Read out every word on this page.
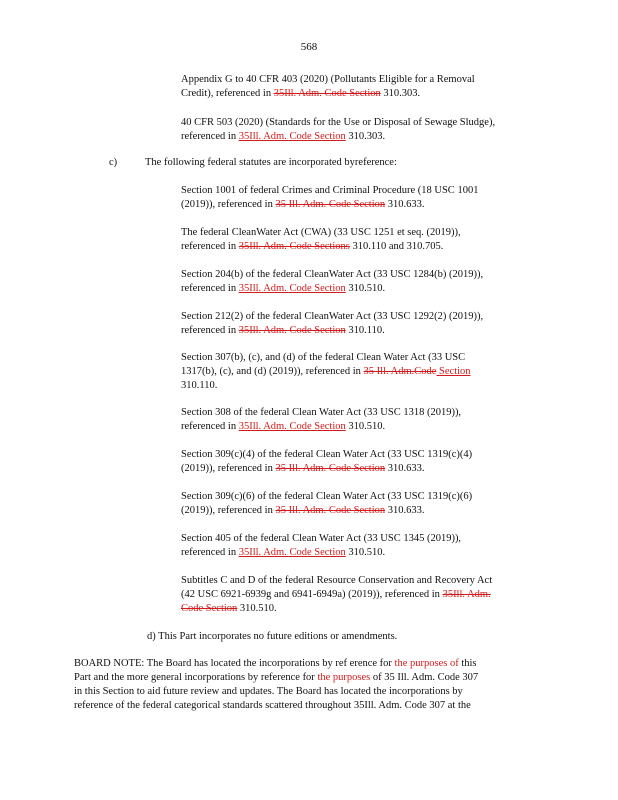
568
Appendix G to 40 CFR 403 (2020) (Pollutants Eligible for a Removal
Credit), referenced in 35Ill. Adm. Code Section 310.303.
40 CFR 503 (2020) (Standards for the Use or Disposal of Sewage Sludge),
referenced in 35Ill. Adm. Code Section 310.303.
c)	The following federal statutes are incorporated byreference:
Section 1001 of federal Crimes and Criminal Procedure (18 USC 1001
(2019)), referenced in 35 Ill. Adm. Code Section 310.633.
The federal CleanWater Act (CWA) (33 USC 1251 et seq. (2019)),
referenced in 35Ill. Adm. Code Sections 310.110 and 310.705.
Section 204(b) of the federal CleanWater Act (33 USC 1284(b) (2019)),
referenced in 35Ill. Adm. Code Section 310.510.
Section 212(2) of the federal CleanWater Act (33 USC 1292(2) (2019)),
referenced in 35Ill. Adm. Code Section 310.110.
Section 307(b), (c), and (d) of the federal Clean Water Act (33 USC
1317(b), (c), and (d) (2019)), referenced in 35 Ill. Adm.Code Section
310.110.
Section 308 of the federal Clean Water Act (33 USC 1318 (2019)),
referenced in 35Ill. Adm. Code Section 310.510.
Section 309(c)(4) of the federal Clean Water Act (33 USC 1319(c)(4)
(2019)), referenced in 35 Ill. Adm. Code Section 310.633.
Section 309(c)(6) of the federal Clean Water Act (33 USC 1319(c)(6)
(2019)), referenced in 35 Ill. Adm. Code Section 310.633.
Section 405 of the federal Clean Water Act (33 USC 1345 (2019)),
referenced in 35Ill. Adm. Code Section 310.510.
Subtitles C and D of the federal Resource Conservation and Recovery Act
(42 USC 6921-6939g and 6941-6949a) (2019)), referenced in 35Ill. Adm.
Code Section 310.510.
d) This Part incorporates no future editions or amendments.
BOARD NOTE: The Board has located the incorporations by ref erence for the purposes of this
Part and the more general incorporations by reference for the purposes of 35 Ill. Adm. Code 307
in this Section to aid future review and updates. The Board has located the incorporations by
reference of the federal categorical standards scattered throughout 35Ill. Adm. Code 307 at the
